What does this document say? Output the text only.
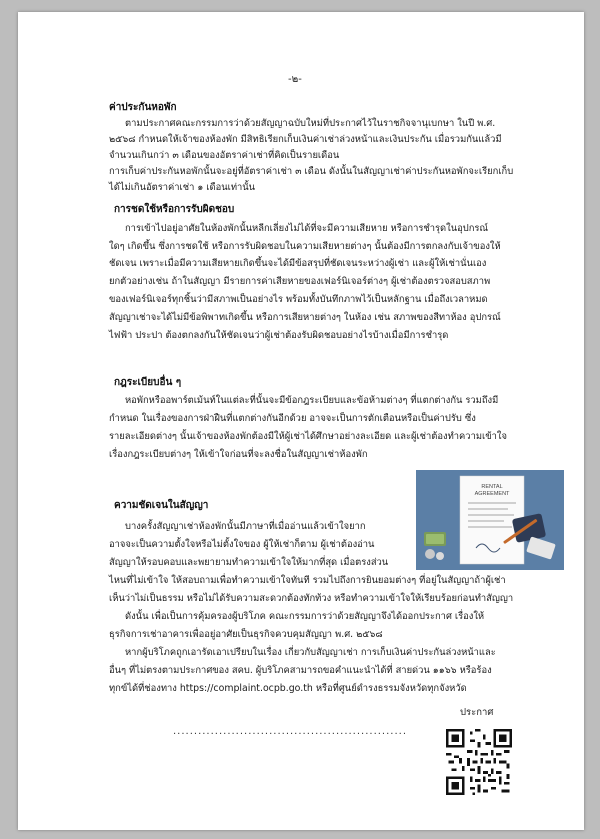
-๒-
ค่าประกันหอพัก
ตามประกาศคณะกรรมการว่าด้วยสัญญาฉบับใหม่ที่ประกาศไว้ในราชกิจจานุเบกษา ในปี พ.ศ.
๒๕๖๘ กำหนดให้เจ้าของห้องพัก มีสิทธิเรียกเก็บเงินค่าเช่าล่วงหน้าและเงินประกัน เมื่อรวมกันแล้วมี
จำนวนเกินกว่า ๓ เดือนของอัตราค่าเช่าที่คิดเป็นรายเดือน
การเก็บค่าประกันหอพักนั้นจะอยู่ที่อัตราค่าเช่า ๓ เดือน ดังนั้นในสัญญาเช่าค่าประกันหอพักจะเรียกเก็บ
ได้ไม่เกินอัตราค่าเช่า ๑ เดือนเท่านั้น
การชดใช้หรือการรับผิดชอบ
การเข้าไปอยู่อาศัยในห้องพักนั้นหลีกเลี่ยงไม่ได้ที่จะมีความเสียหาย หรือการชำรุดในอุปกรณ์
ใดๆ เกิดขึ้น ซึ่งการชดใช้ หรือการรับผิดชอบในความเสียหายต่างๆ นั้นต้องมีการตกลงกับเจ้าของให้
ชัดเจน เพราะเมื่อมีความเสียหายเกิดขึ้นจะได้มีข้อสรุปที่ชัดเจนระหว่างผู้เช่า และผู้ให้เช่านั่นเอง
ยกตัวอย่างเช่น ถ้าในสัญญา มีรายการค่าเสียหายของเฟอร์นิเจอร์ต่างๆ ผู้เช่าต้องตรวจสอบสภาพ
ของเฟอร์นิเจอร์ทุกชิ้นว่ามีสภาพเป็นอย่างไร พร้อมทั้งบันทึกภาพไว้เป็นหลักฐาน เมื่อถึงเวลาหมด
สัญญาเช่าจะได้ไม่มีข้อพิพาทเกิดขึ้น หรือการเสียหายต่างๆ ในห้อง เช่น สภาพของสีทาห้อง อุปกรณ์
ไฟฟ้า ประปา ต้องตกลงกันให้ชัดเจนว่าผู้เช่าต้องรับผิดชอบอย่างไรบ้างเมื่อมีการชำรุด
กฎระเบียบอื่น ๆ
หอพักหรืออพาร์ตเม้นท์ในแต่ละที่นั้นจะมีข้อกฎระเบียบและข้อห้ามต่างๆ ที่แตกต่างกัน รวมถึงมี
กำหนด ในเรื่องของการฝ่าฝืนที่แตกต่างกันอีกด้วย อาจจะเป็นการตักเตือนหรือเป็นค่าปรับ ซึ่ง
รายละเอียดต่างๆ นั้นเจ้าของห้องพักต้องมีให้ผู้เช่าได้ศึกษาอย่างละเอียด และผู้เช่าต้องทำความเข้าใจ
เรื่องกฎระเบียบต่างๆ ให้เข้าใจก่อนที่จะลงชื่อในสัญญาเช่าห้องพัก
ความชัดเจนในสัญญา
บางครั้งสัญญาเช่าห้องพักนั้นมีภาษาที่เมื่ออ่านแล้วเข้าใจยาก
อาจจะเป็นความตั้งใจหรือไม่ตั้งใจของ ผู้ให้เช่าก็ตาม ผู้เช่าต้องอ่าน
สัญญาให้รอบคอบและพยายามทำความเข้าใจให้มากที่สุด เมื่อตรงส่วน
ไหนที่ไม่เข้าใจ ให้สอบถามเพื่อทำความเข้าใจทันที รวมไปถึงการยินยอมต่างๆ ที่อยู่ในสัญญาถ้าผู้เช่า
เห็นว่าไม่เป็นธรรม หรือไม่ได้รับความสะดวกต้องทักท้วง หรือทำความเข้าใจให้เรียบร้อยก่อนทำสัญญา
ดังนั้น เพื่อเป็นการคุ้มครองผู้บริโภค คณะกรรมการว่าด้วยสัญญาจึงได้ออกประกาศ เรื่องให้
ธุรกิจการเช่าอาคารเพื่ออยู่อาศัยเป็นธุรกิจควบคุมสัญญา พ.ศ. ๒๕๖๘
หากผู้บริโภคถูกเอารัดเอาเปรียบในเรื่อง เกี่ยวกับสัญญาเช่า การเก็บเงินค่าประกันล่วงหน้าและ
อื่นๆ ที่ไม่ตรงตามประกาศของ สคบ. ผู้บริโภคสามารถขอคำแนะนำได้ที่ สายด่วน ๑๑๖๖ หรือร้อง
ทุกข์ได้ที่ช่องทาง https://complaint.ocpb.go.th หรือที่ศูนย์ดำรงธรรมจังหวัดทุกจังหวัด
RENTAL
AGREEMENT
........................................................
ประกาศ
